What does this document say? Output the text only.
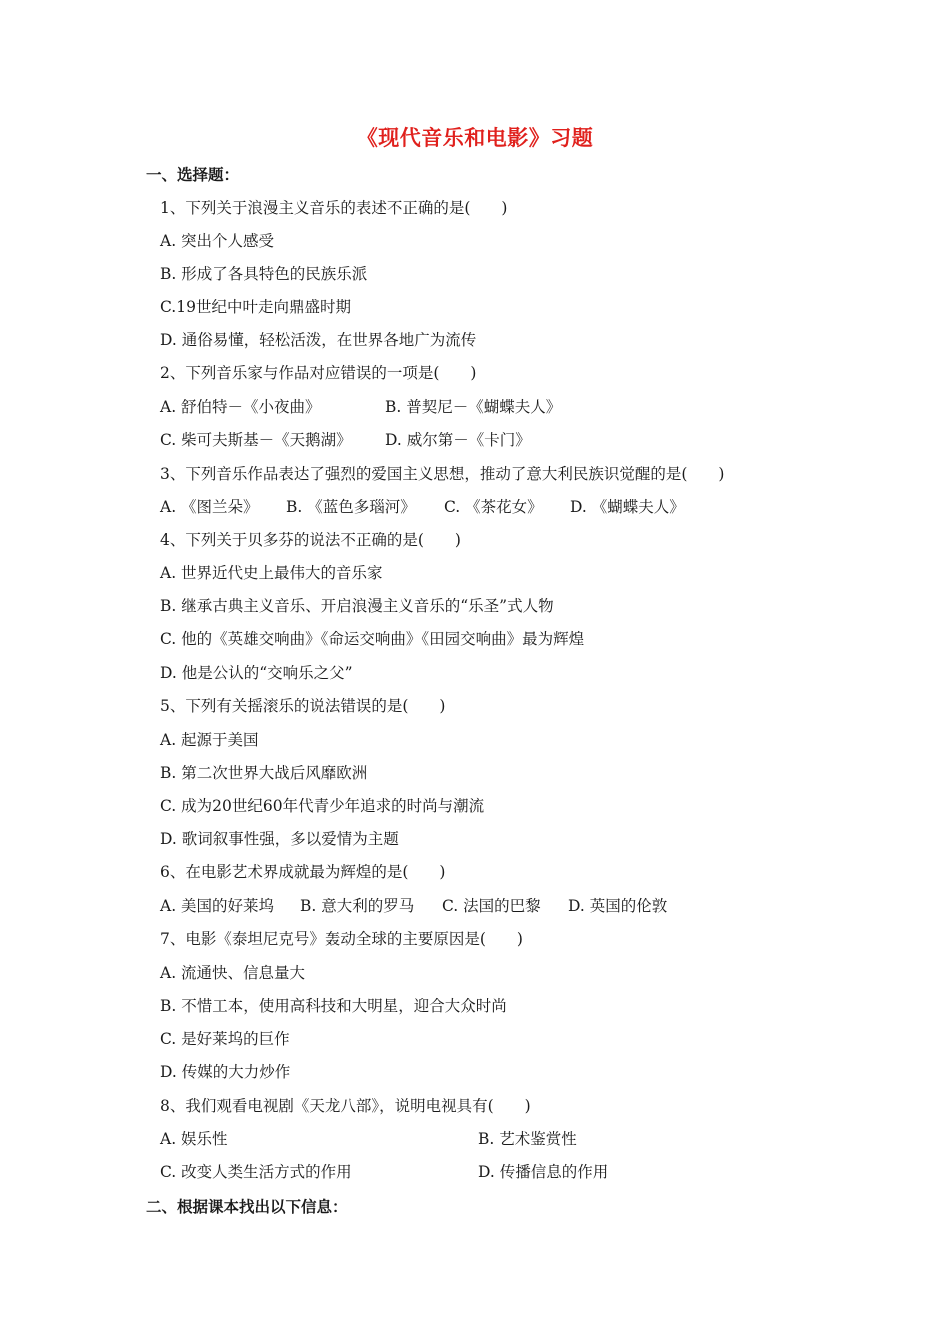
《现代音乐和电影》习题
一、选择题：
1、下列关于浪漫主义音乐的表述不正确的是(　　)
A. 突出个人感受
B. 形成了各具特色的民族乐派
C.19世纪中叶走向鼎盛时期
D. 通俗易懂，轻松活泼，在世界各地广为流传
2、下列音乐家与作品对应错误的一项是(　　)
A. 舒伯特－《小夜曲》	B. 普契尼－《蝴蝶夫人》
C. 柴可夫斯基－《天鹅湖》 D. 威尔第－《卡门》
3、下列音乐作品表达了强烈的爱国主义思想，推动了意大利民族识觉醒的是(　　)
A. 《图兰朵》 B. 《蓝色多瑙河》 C. 《茶花女》 D. 《蝴蝶夫人》
4、下列关于贝多芬的说法不正确的是(　　)
A. 世界近代史上最伟大的音乐家
B. 继承古典主义音乐、开启浪漫主义音乐的“乐圣”式人物
C. 他的《英雄交响曲》《命运交响曲》《田园交响曲》最为辉煌
D. 他是公认的“交响乐之父”
5、下列有关摇滚乐的说法错误的是(　　)
A. 起源于美国
B. 第二次世界大战后风靡欧洲
C. 成为20世纪60年代青少年追求的时尚与潮流
D. 歌词叙事性强，多以爱情为主题
6、在电影艺术界成就最为辉煌的是(　　)
A. 美国的好莱坞 B. 意大利的罗马 C. 法国的巴黎 D. 英国的伦敦
7、电影《泰坦尼克号》轰动全球的主要原因是(　　)
A. 流通快、信息量大
B. 不惜工本，使用高科技和大明星，迎合大众时尚
C. 是好莱坞的巨作
D. 传媒的大力炒作
8、我们观看电视剧《天龙八部》，说明电视具有(　　)
A. 娱乐性	B. 艺术鉴赏性
C. 改变人类生活方式的作用	D. 传播信息的作用
二、根据课本找出以下信息：
